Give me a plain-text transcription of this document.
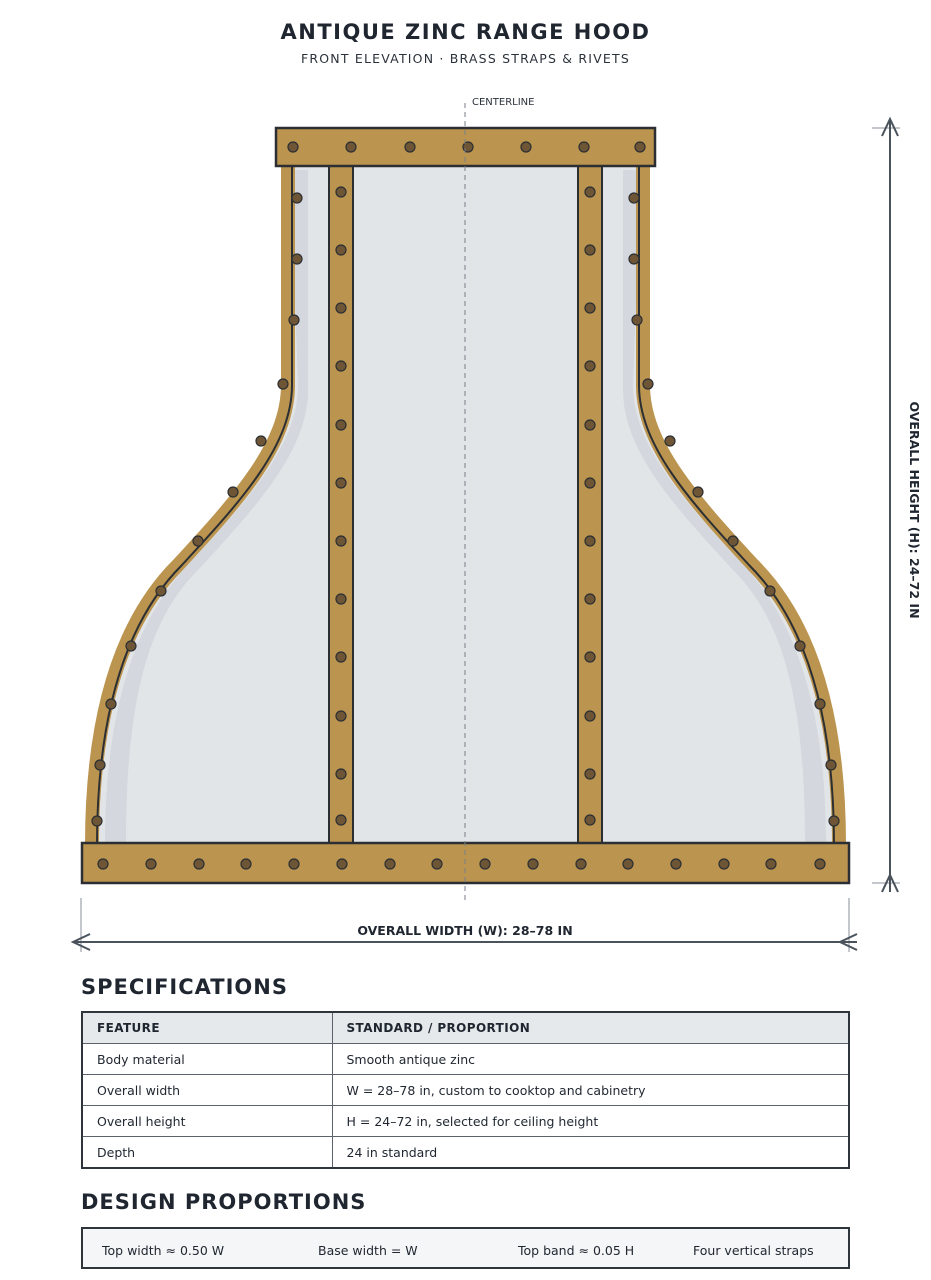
ANTIQUE ZINC RANGE HOOD
FRONT ELEVATION · BRASS STRAPS & RIVETS
CENTERLINE
OVERALL WIDTH (W): 28–78 IN
OVERALL HEIGHT (H): 24–72 IN
SPECIFICATIONS
FEATURE	STANDARD / PROPORTION
Body material	Smooth antique zinc
Overall width	W = 28–78 in, custom to cooktop and cabinetry
Overall height	H = 24–72 in, selected for ceiling height
Depth	24 in standard
DESIGN PROPORTIONS
Top width ≈ 0.50 W	Base width = W	Top band ≈ 0.05 H	Four vertical straps
